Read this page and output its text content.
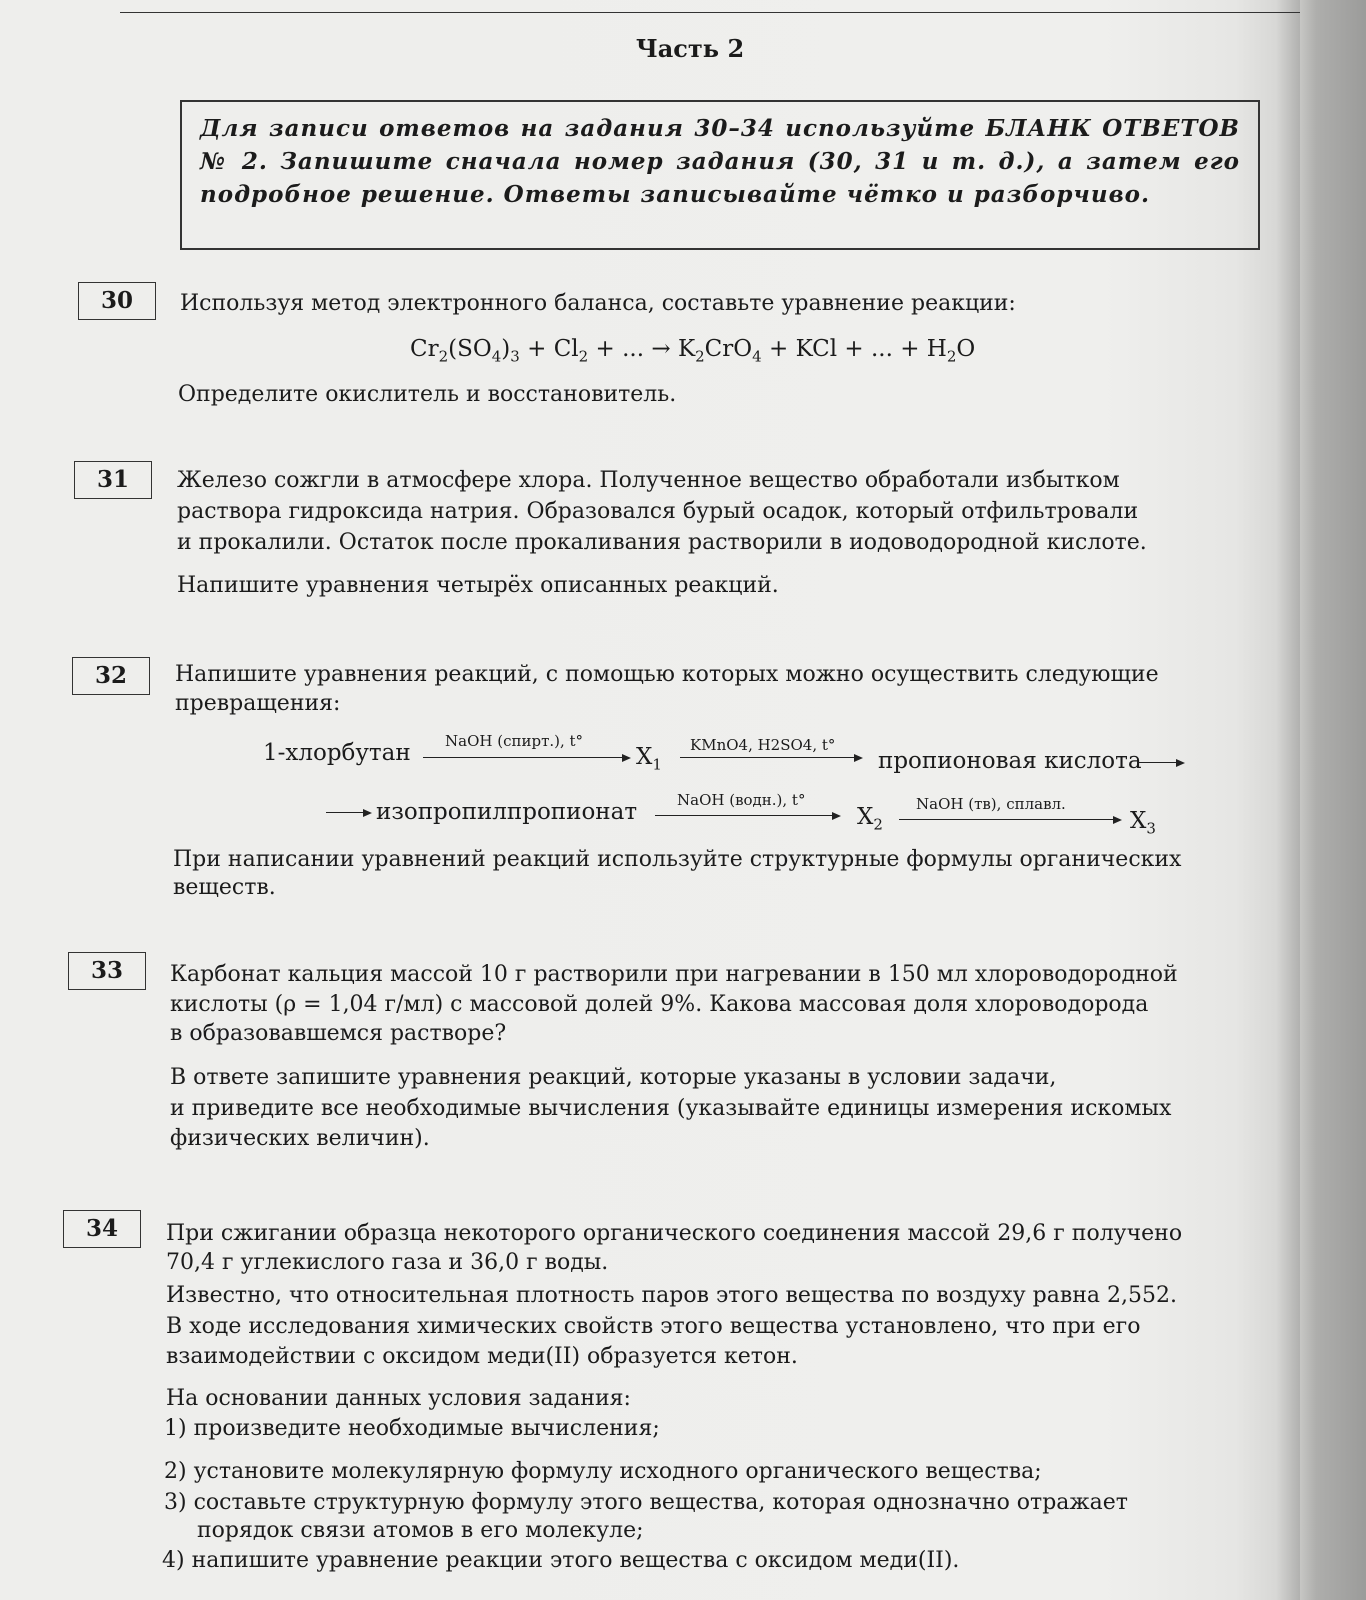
Часть 2
Для записи ответов на задания 30–34 используйте БЛАНК ОТВЕТОВ № 2. Запишите сначала номер задания (30, 31 и т. д.), а затем его подробное решение. Ответы записывайте чётко и разборчиво.
30	Используя метод электронного баланса, составьте уравнение реакции:
$Cr_2(SO_4)_3 + Cl_2$ + ... → $K_2CrO_4$ + KCl + ... + $H_2O$
Определите окислитель и восстановитель.
31	Железо сожгли в атмосфере хлора. Полученное вещество обработали избытком
раствора гидроксида натрия. Образовался бурый осадок, который отфильтровали
и прокалили. Остаток после прокаливания растворили в иодоводородной кислоте.
Напишите уравнения четырёх описанных реакций.
32	Напишите уравнения реакций, с помощью которых можно осуществить следующие
превращения:
1-хлорбутан NaOH (спирт.), t°
$X_1$
KMnO4, H2SO4, t°
пропионовая кислота
изопропилпропионат	NaOH (водн.), t°
$X_2$
NaOH (тв), сплавл.
$X_3$
При написании уравнений реакций используйте структурные формулы органических
веществ.
33	Карбонат кальция массой 10 г растворили при нагревании в 150 мл хлороводородной
кислоты (ρ = 1,04 г/мл) с массовой долей 9%. Какова массовая доля хлороводорода
в образовавшемся растворе?
В ответе запишите уравнения реакций, которые указаны в условии задачи,
и приведите все необходимые вычисления (указывайте единицы измерения искомых
физических величин).
34	При сжигании образца некоторого органического соединения массой 29,6 г получено
70,4 г углекислого газа и 36,0 г воды.
Известно, что относительная плотность паров этого вещества по воздуху равна 2,552.
В ходе исследования химических свойств этого вещества установлено, что при его
взаимодействии с оксидом меди(II) образуется кетон.
На основании данных условия задания:
1) произведите необходимые вычисления;
2) установите молекулярную формулу исходного органического вещества;
3) составьте структурную формулу этого вещества, которая однозначно отражает
порядок связи атомов в его молекуле;
4) напишите уравнение реакции этого вещества с оксидом меди(II).
